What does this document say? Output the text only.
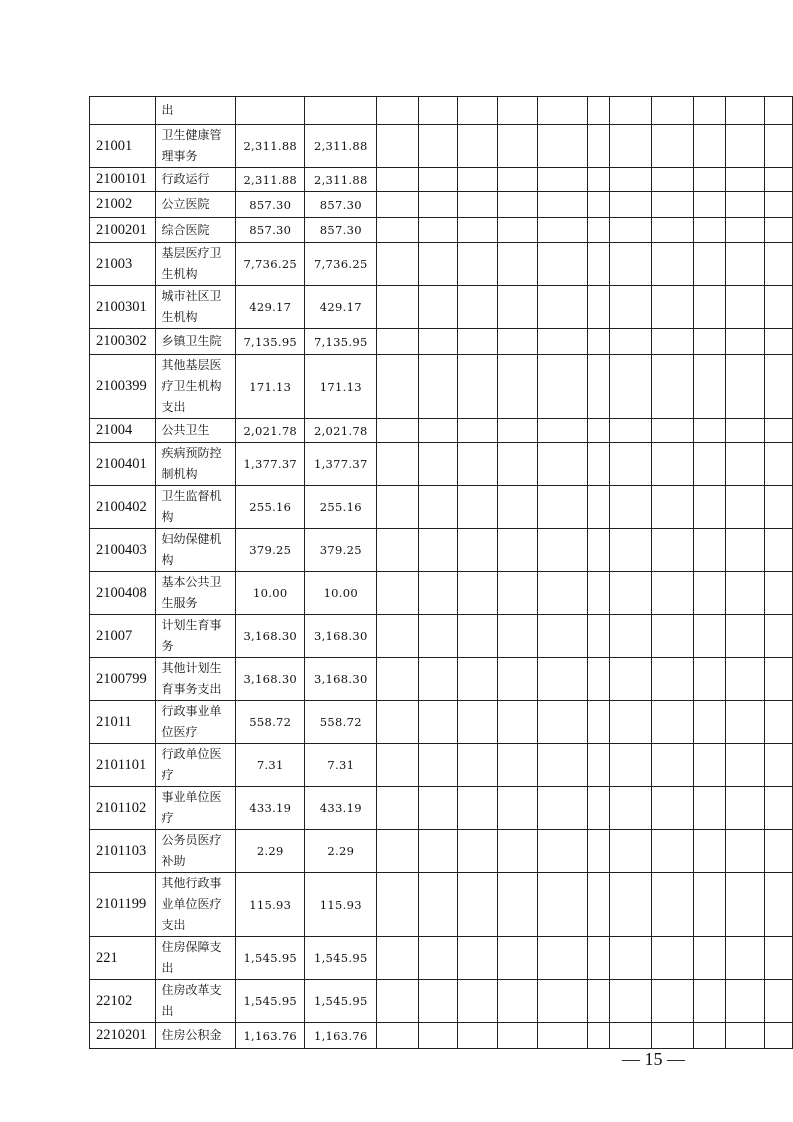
	出													
21001	卫生健康管理事务	2,311.88	2,311.88											
2100101	行政运行	2,311.88	2,311.88											
21002	公立医院	857.30	857.30											
2100201	综合医院	857.30	857.30											
21003	基层医疗卫生机构	7,736.25	7,736.25											
2100301	城市社区卫生机构	429.17	429.17											
2100302	乡镇卫生院	7,135.95	7,135.95											
2100399	其他基层医疗卫生机构支出	171.13	171.13											
21004	公共卫生	2,021.78	2,021.78											
2100401	疾病预防控制机构	1,377.37	1,377.37											
2100402	卫生监督机构	255.16	255.16											
2100403	妇幼保健机构	379.25	379.25											
2100408	基本公共卫生服务	10.00	10.00											
21007	计划生育事务	3,168.30	3,168.30											
2100799	其他计划生育事务支出	3,168.30	3,168.30											
21011	行政事业单位医疗	558.72	558.72											
2101101	行政单位医疗	7.31	7.31											
2101102	事业单位医疗	433.19	433.19											
2101103	公务员医疗补助	2.29	2.29											
2101199	其他行政事业单位医疗支出	115.93	115.93											
221	住房保障支出	1,545.95	1,545.95											
22102	住房改革支出	1,545.95	1,545.95											
2210201	住房公积金	1,163.76	1,163.76											
— 15 —
